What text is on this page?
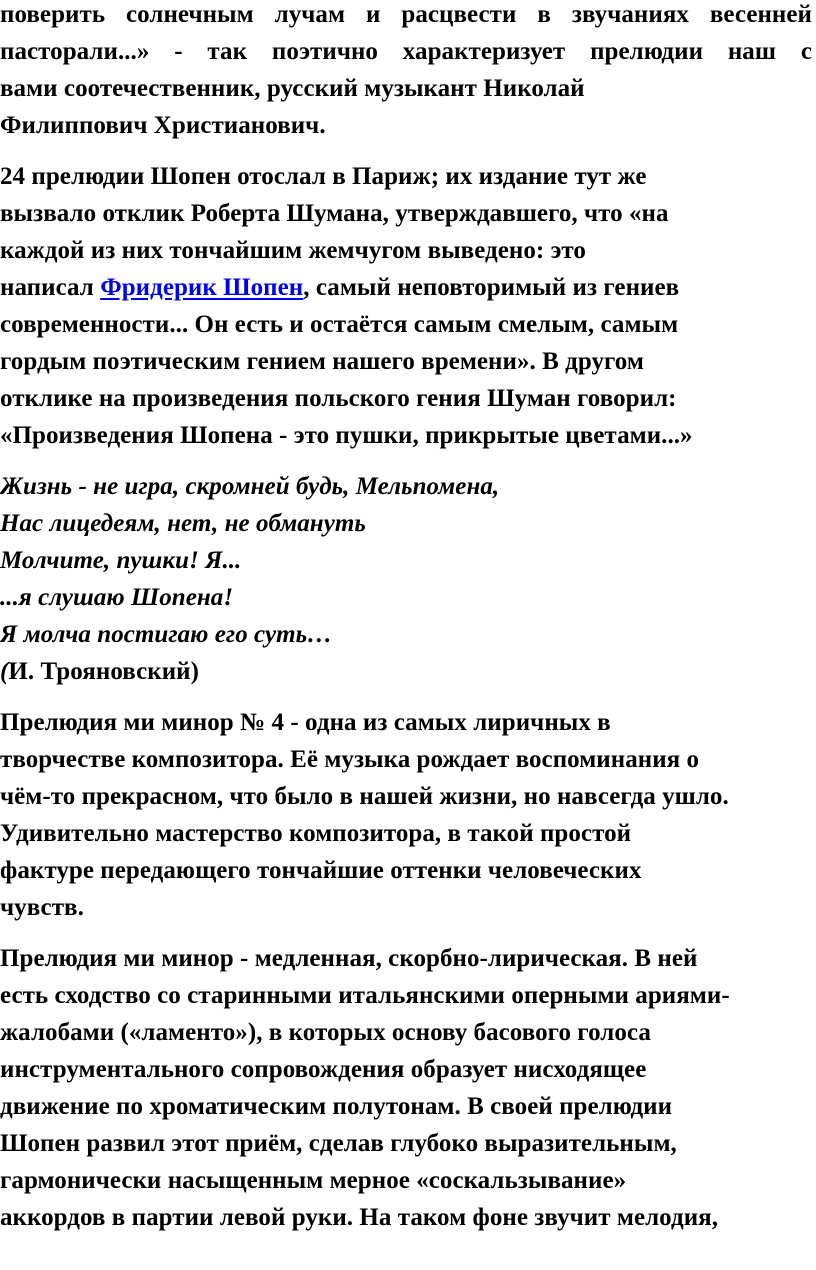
поверить солнечным лучам и расцвести в звучаниях весенней
пасторали...» - так поэтично характеризует прелюдии наш с
вами соотечественник, русский музыкант Николай
Филиппович Христианович.

24 прелюдии Шопен отослал в Париж; их издание тут же
вызвало отклик Роберта Шумана, утверждавшего, что «на
каждой из них тончайшим жемчугом выведено: это
написал Фридерик Шопен, самый неповторимый из гениев
современности... Он есть и остаётся самым смелым, самым
гордым поэтическим гением нашего времени». В другом
отклике на произведения польского гения Шуман говорил:
«Произведения Шопена - это пушки, прикрытые цветами...»

Жизнь - не игра, скромней будь, Мельпомена,
Нас лицедеям, нет, не обмануть
Молчите, пушки! Я...
...я слушаю Шопена!
Я молча постигаю его суть…
(И. Трояновский)

Прелюдия ми минор № 4 - одна из самых лиричных в
творчестве композитора. Её музыка рождает воспоминания о
чём-то прекрасном, что было в нашей жизни, но навсегда ушло.
Удивительно мастерство композитора, в такой простой
фактуре передающего тончайшие оттенки человеческих
чувств.

Прелюдия ми минор - медленная, скорбно-лирическая. В ней
есть сходство со старинными итальянскими оперными ариями-
жалобами («ламенто»), в которых основу басового голоса
инструментального сопровождения образует нисходящее
движение по хроматическим полутонам. В своей прелюдии
Шопен развил этот приём, сделав глубоко выразительным,
гармонически насыщенным мерное «соскальзывание»
аккордов в партии левой руки. На таком фоне звучит мелодия,
